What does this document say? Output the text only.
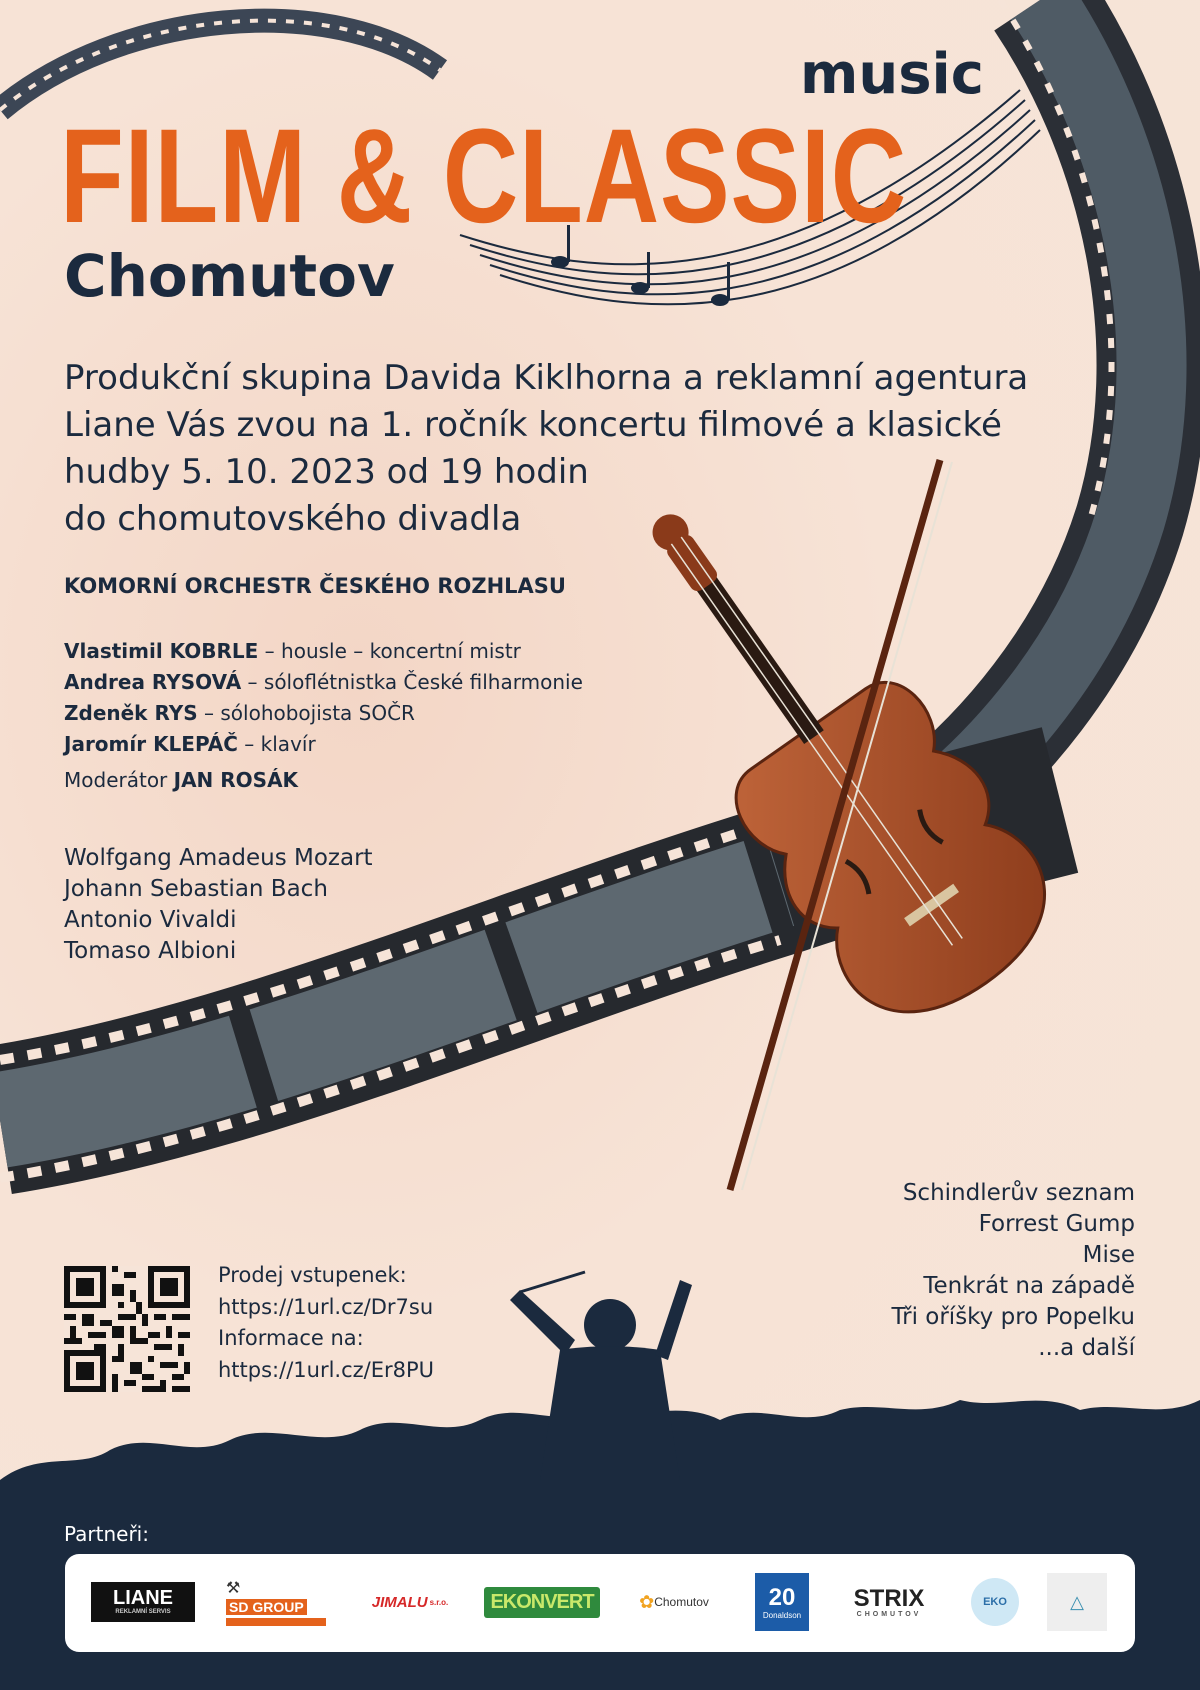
music
FILM & CLASSIC
Chomutov
Produkční skupina Davida Kiklhorna a reklamní agentura
Liane Vás zvou na 1. ročník koncertu filmové a klasické
hudby 5. 10. 2023 od 19 hodin
do chomutovského divadla
KOMORNÍ ORCHESTR ČESKÉHO ROZHLASU
Vlastimil KOBRLE – housle – koncertní mistr
Andrea RYSOVÁ – sóloflétnistka České filharmonie
Zdeněk RYS – sólohobojista SOČR
Jaromír KLEPÁČ – klavír
Moderátor JAN ROSÁK
Wolfgang Amadeus Mozart
Johann Sebastian Bach
Antonio Vivaldi
Tomaso Albioni
Schindlerův seznam
Forrest Gump
Mise
Tenkrát na západě
Tři oříšky pro Popelku
...a další
Prodej vstupenek:
https://1url.cz/Dr7su
Informace na:
https://1url.cz/Er8PU
Partneři:
LIANE
REKLAMNÍ SERVIS
⚒ SD GROUP	JIMALU s.r.o.	EKONVERT	✿ Chomutov 20
Donaldson
STRIX
CHOMUTOV
EKO	△
